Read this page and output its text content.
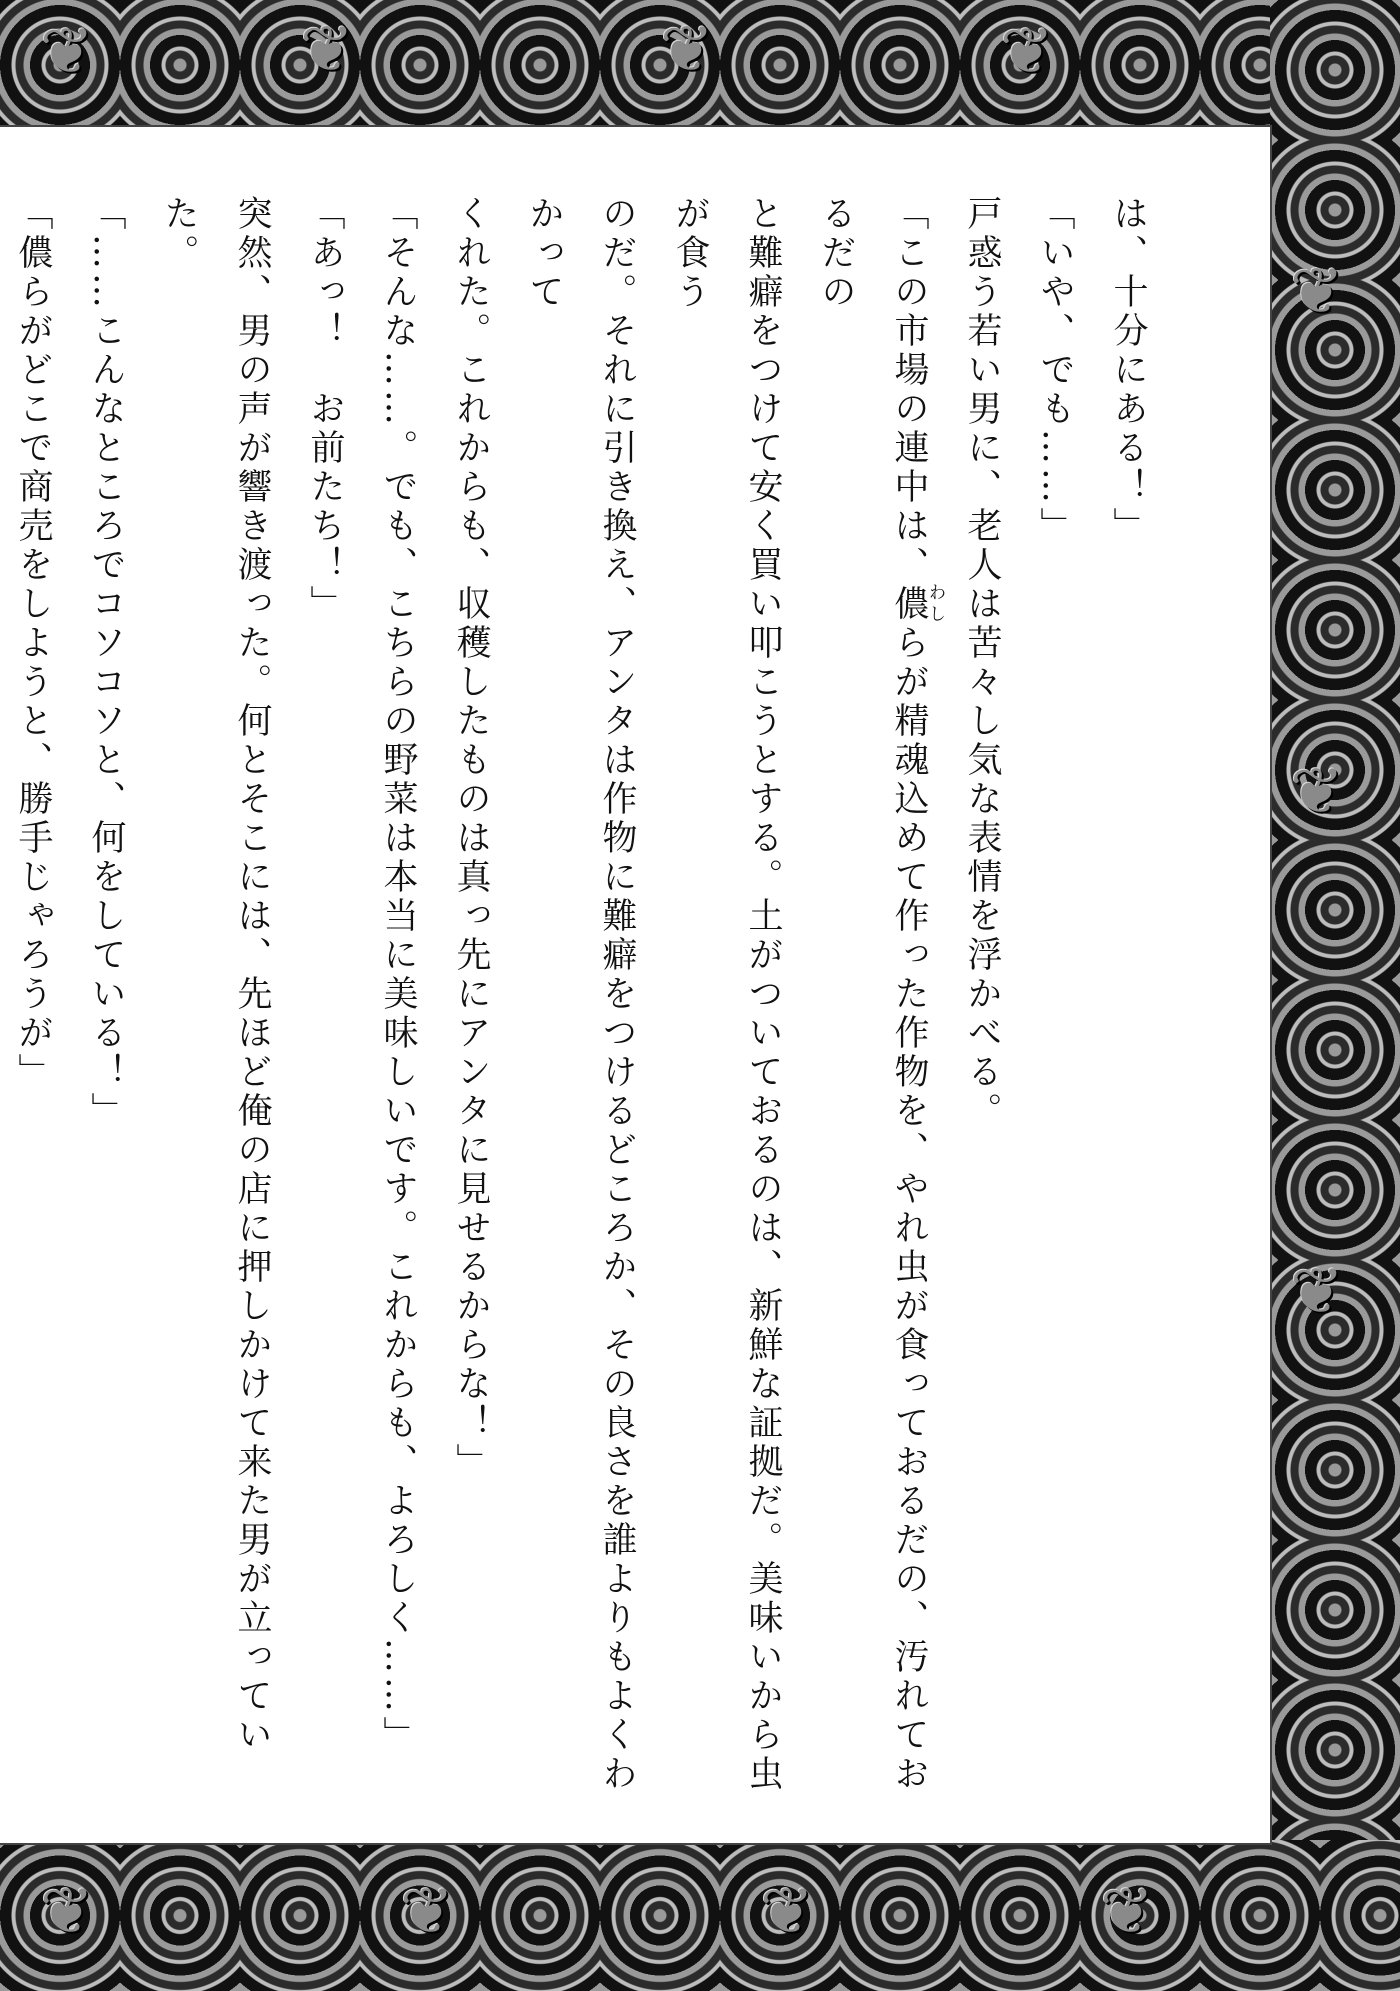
❦	❦	❦	❦
❦
❦
❦
❦	❦	❦	❦

は、十分にある！」

「いや、でも……」

戸惑う若い男に、老人は苦々し気な表情を浮かべる。

「この市場の連中は、儂わしらが精魂込めて作った作物を、やれ虫が食っておるだの、汚れておるだの

と難癖をつけて安く買い叩こうとする。土がついておるのは、新鮮な証拠だ。美味いから虫が食う

のだ。それに引き換え、アンタは作物に難癖をつけるどころか、その良さを誰よりもよくわかって

くれた。これからも、収穫したものは真っ先にアンタに見せるからな！」

「そんな……。でも、こちらの野菜は本当に美味しいです。これからも、よろしく……」

「あっ！　お前たち！」

突然、男の声が響き渡った。何とそこには、先ほど俺の店に押しかけて来た男が立っていた。

「……こんなところでコソコソと、何をしている！」

「儂らがどこで商売をしようと、勝手じゃろうが」
